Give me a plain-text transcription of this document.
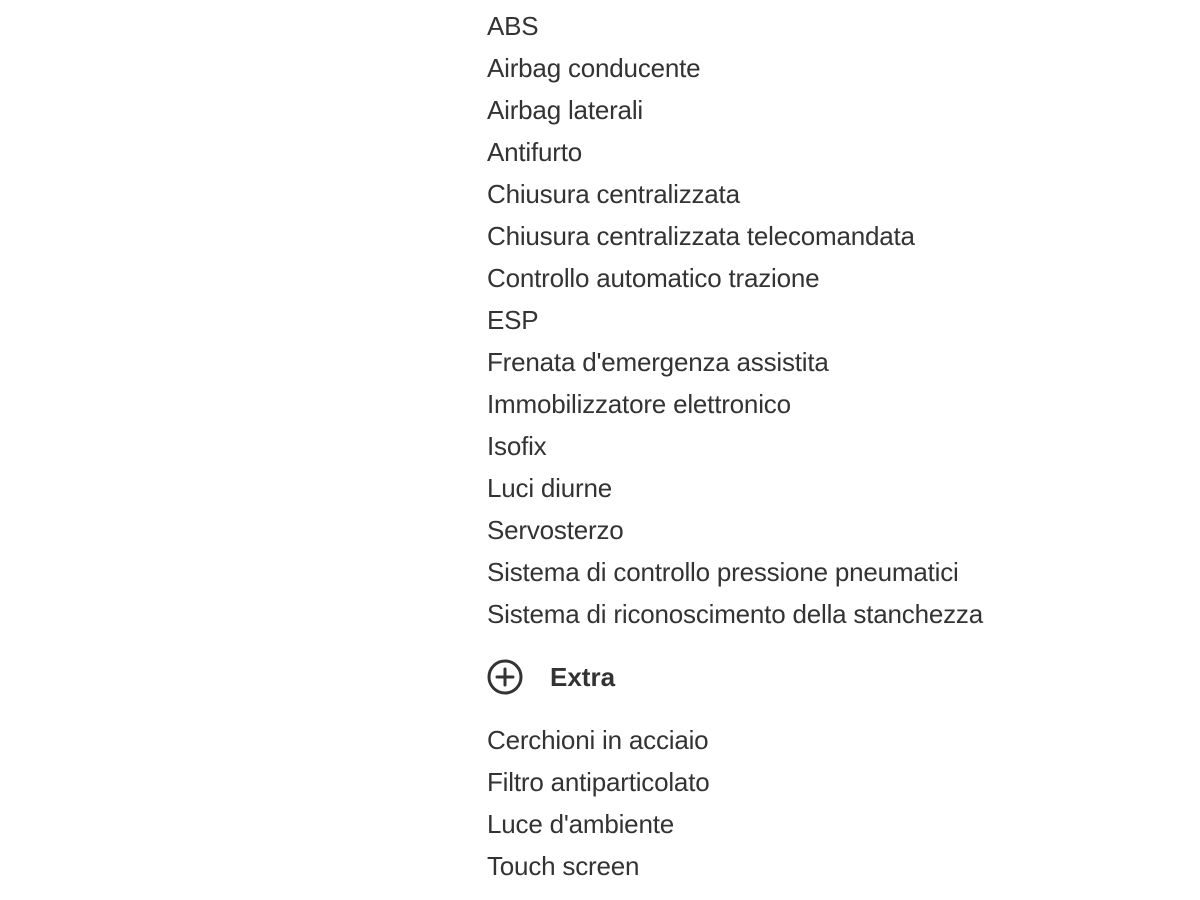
ABS
Airbag conducente
Airbag laterali
Antifurto
Chiusura centralizzata
Chiusura centralizzata telecomandata
Controllo automatico trazione
ESP
Frenata d'emergenza assistita
Immobilizzatore elettronico
Isofix
Luci diurne
Servosterzo
Sistema di controllo pressione pneumatici
Sistema di riconoscimento della stanchezza
Extra
Cerchioni in acciaio
Filtro antiparticolato
Luce d'ambiente
Touch screen
